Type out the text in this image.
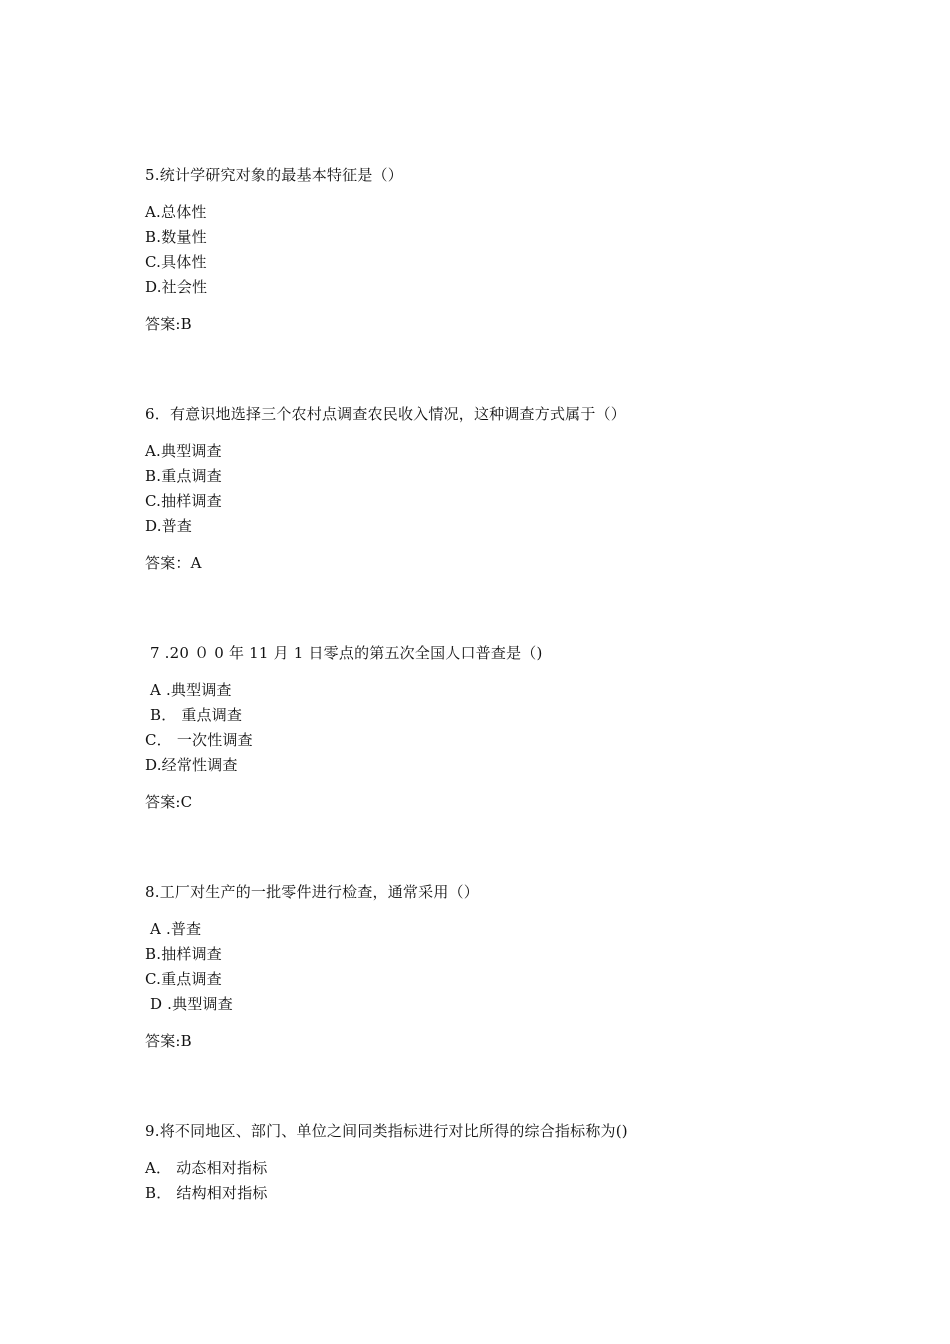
5.统计学研究对象的最基本特征是（）
A.总体性
B.数量性
C.具体性
D.社会性
答案:B
6．有意识地选择三个农村点调查农民收入情况，这种调查方式属于（）
A.典型调查
B.重点调查
C.抽样调查
D.普查
答案：A
7 .20 ０ 0 年 11 月 1 日零点的第五次全国人口普查是（)
A .典型调查
B． 重点调查
C． 一次性调查
D.经常性调查
答案:C
8.工厂对生产的一批零件进行检查，通常采用（）
A .普查
B.抽样调查
C.重点调查
D .典型调查
答案:B
9.将不同地区、部门、单位之间同类指标进行对比所得的综合指标称为()
A． 动态相对指标
B． 结构相对指标
